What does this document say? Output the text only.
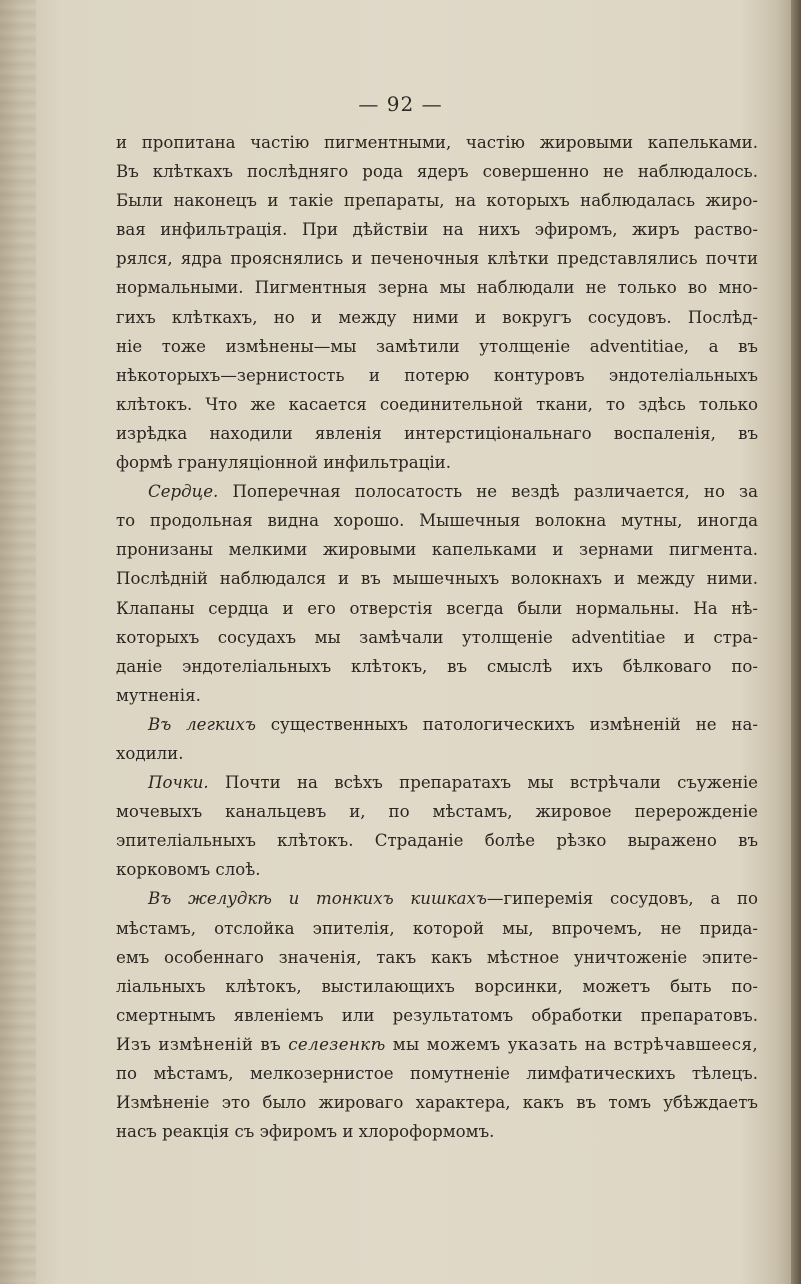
— 92 —
и пропитана частію пигментными, частію жировыми капельками.
Въ клѣткахъ послѣдняго рода ядеръ совершенно не наблюдалось.
Были наконецъ и такіе препараты, на которыхъ наблюдалась жиро-
вая инфильтрація. При дѣйствіи на нихъ эфиромъ, жиръ раство-
рялся, ядра прояснялись и печеночныя клѣтки представлялись почти
нормальными. Пигментныя зерна мы наблюдали не только во мно-
гихъ клѣткахъ, но и между ними и вокругъ сосудовъ. Послѣд-
ніе тоже измѣнены—мы замѣтили утолщеніе adventitiae, а въ
нѣкоторыхъ—зернистость и потерю контуровъ эндотеліальныхъ
клѣтокъ. Что же касается соединительной ткани, то здѣсь только
изрѣдка находили явленія интерстиціональнаго воспаленія, въ
формѣ грануляціонной инфильтраціи.
Сердце. Поперечная полосатость не вездѣ различается, но за
то продольная видна хорошо. Мышечныя волокна мутны, иногда
пронизаны мелкими жировыми капельками и зернами пигмента.
Послѣдній наблюдался и въ мышечныхъ волокнахъ и между ними.
Клапаны сердца и его отверстія всегда были нормальны. На нѣ-
которыхъ сосудахъ мы замѣчали утолщеніе adventitiae и стра-
даніе эндотеліальныхъ клѣтокъ, въ смыслѣ ихъ бѣлковаго по-
мутненія.
Въ легкихъ существенныхъ патологическихъ измѣненій не на-
ходили.
Почки. Почти на всѣхъ препаратахъ мы встрѣчали съуженіе
мочевыхъ канальцевъ и, по мѣстамъ, жировое перерожденіе
эпителіальныхъ клѣтокъ. Страданіе болѣе рѣзко выражено въ
корковомъ слоѣ.
Въ желудкѣ и тонкихъ кишкахъ—гиперемія сосудовъ, а по
мѣстамъ, отслойка эпителія, которой мы, впрочемъ, не прида-
емъ особеннаго значенія, такъ какъ мѣстное уничтоженіе эпите-
ліальныхъ клѣтокъ, выстилающихъ ворсинки, можетъ быть по-
смертнымъ явленіемъ или результатомъ обработки препаратовъ.
Изъ измѣненій въ селезенкѣ мы можемъ указать на встрѣчавшееся,
по мѣстамъ, мелкозернистое помутненіе лимфатическихъ тѣлецъ.
Измѣненіе это было жироваго характера, какъ въ томъ убѣждаетъ
насъ реакція съ эфиромъ и хлороформомъ.
